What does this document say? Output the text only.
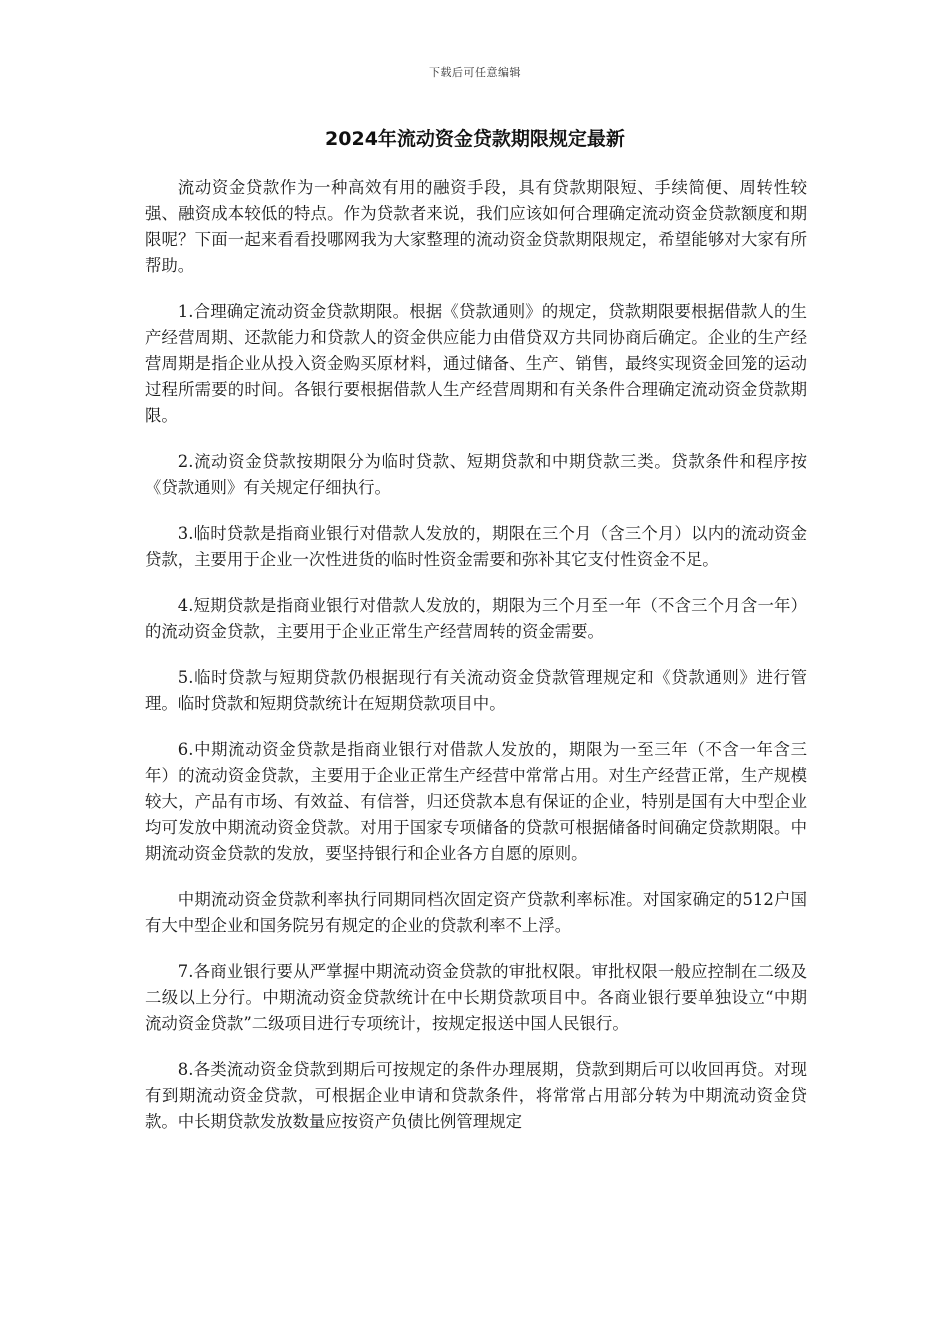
下载后可任意编辑
2024年流动资金贷款期限规定最新

流动资金贷款作为一种高效有用的融资手段，具有贷款期限短、手续简便、周转性较强、融资成本较低的特点。作为贷款者来说，我们应该如何合理确定流动资金贷款额度和期限呢？下面一起来看看投哪网我为大家整理的流动资金贷款期限规定，希望能够对大家有所帮助。

1.合理确定流动资金贷款期限。根据《贷款通则》的规定，贷款期限要根据借款人的生产经营周期、还款能力和贷款人的资金供应能力由借贷双方共同协商后确定。企业的生产经营周期是指企业从投入资金购买原材料，通过储备、生产、销售，最终实现资金回笼的运动过程所需要的时间。各银行要根据借款人生产经营周期和有关条件合理确定流动资金贷款期限。

2.流动资金贷款按期限分为临时贷款、短期贷款和中期贷款三类。贷款条件和程序按《贷款通则》有关规定仔细执行。

3.临时贷款是指商业银行对借款人发放的，期限在三个月（含三个月）以内的流动资金贷款，主要用于企业一次性进货的临时性资金需要和弥补其它支付性资金不足。

4.短期贷款是指商业银行对借款人发放的，期限为三个月至一年（不含三个月含一年）的流动资金贷款，主要用于企业正常生产经营周转的资金需要。

5.临时贷款与短期贷款仍根据现行有关流动资金贷款管理规定和《贷款通则》进行管理。临时贷款和短期贷款统计在短期贷款项目中。

6.中期流动资金贷款是指商业银行对借款人发放的，期限为一至三年（不含一年含三年）的流动资金贷款，主要用于企业正常生产经营中常常占用。对生产经营正常，生产规模较大，产品有市场、有效益、有信誉，归还贷款本息有保证的企业，特别是国有大中型企业均可发放中期流动资金贷款。对用于国家专项储备的贷款可根据储备时间确定贷款期限。中期流动资金贷款的发放，要坚持银行和企业各方自愿的原则。

中期流动资金贷款利率执行同期同档次固定资产贷款利率标准。对国家确定的512户国有大中型企业和国务院另有规定的企业的贷款利率不上浮。

7.各商业银行要从严掌握中期流动资金贷款的审批权限。审批权限一般应控制在二级及二级以上分行。中期流动资金贷款统计在中长期贷款项目中。各商业银行要单独设立“中期流动资金贷款”二级项目进行专项统计，按规定报送中国人民银行。

8.各类流动资金贷款到期后可按规定的条件办理展期，贷款到期后可以收回再贷。对现有到期流动资金贷款，可根据企业申请和贷款条件，将常常占用部分转为中期流动资金贷款。中长期贷款发放数量应按资产负债比例管理规定
